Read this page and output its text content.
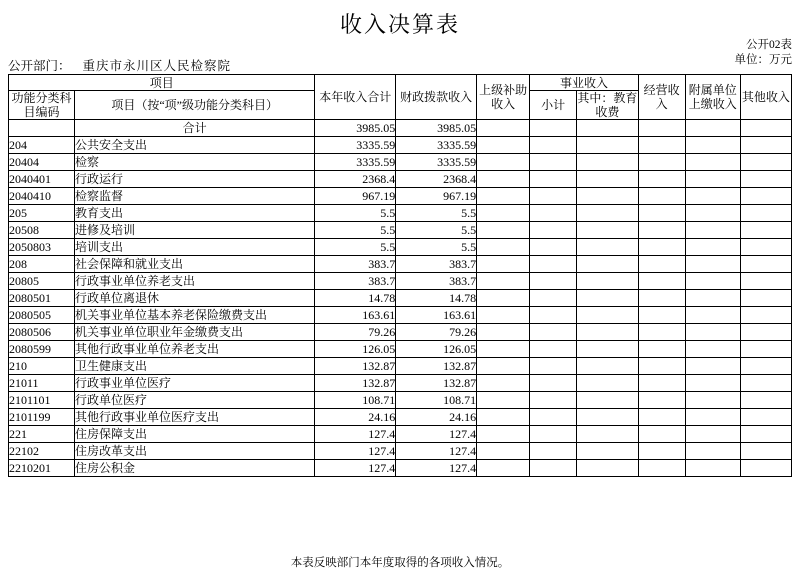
收入决算表
公开02表
单位：万元
公开部门： 重庆市永川区人民检察院
项目		本年收入合计	财政拨款收入	上级补助收入	事业收入		经营收入	附属单位上缴收入	其他收入
功能分类科目编码	项目（按“项”级功能分类科目）				小计	其中：教育收费			

	合计	3985.05	3985.05						
204	公共安全支出	3335.59	3335.59						
20404	检察	3335.59	3335.59						
2040401	行政运行	2368.4	2368.4						
2040410	检察监督	967.19	967.19						
205	教育支出	5.5	5.5						
20508	进修及培训	5.5	5.5						
2050803	培训支出	5.5	5.5						
208	社会保障和就业支出	383.7	383.7						
20805	行政事业单位养老支出	383.7	383.7						
2080501	行政单位离退休	14.78	14.78						
2080505	机关事业单位基本养老保险缴费支出	163.61	163.61						
2080506	机关事业单位职业年金缴费支出	79.26	79.26						
2080599	其他行政事业单位养老支出	126.05	126.05						
210	卫生健康支出	132.87	132.87						
21011	行政事业单位医疗	132.87	132.87						
2101101	行政单位医疗	108.71	108.71						
2101199	其他行政事业单位医疗支出	24.16	24.16						
221	住房保障支出	127.4	127.4						
22102	住房改革支出	127.4	127.4						
2210201	住房公积金	127.4	127.4						
本表反映部门本年度取得的各项收入情况。
